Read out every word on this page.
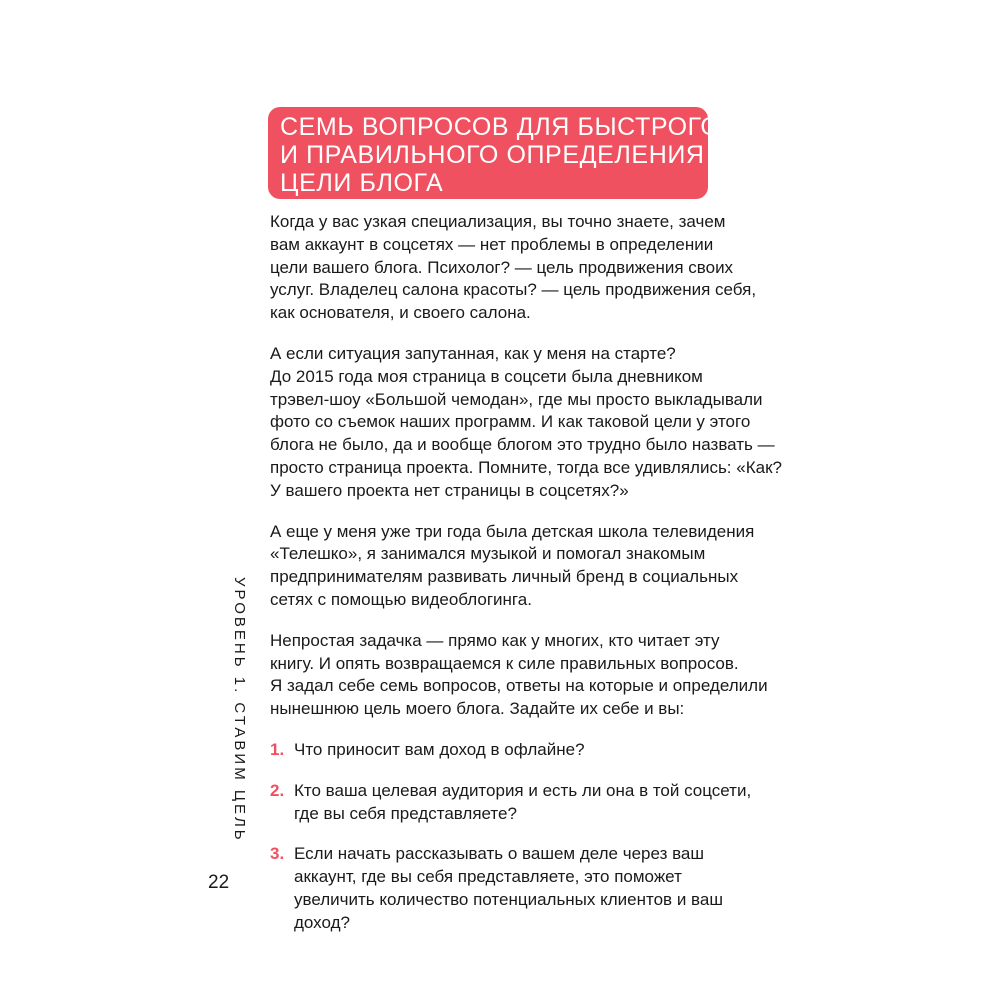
СЕМЬ ВОПРОСОВ ДЛЯ БЫСТРОГО
И ПРАВИЛЬНОГО ОПРЕДЕЛЕНИЯ
ЦЕЛИ БЛОГА
Когда у вас узкая специализация, вы точно знаете, зачем
вам аккаунт в соцсетях — нет проблемы в определении
цели вашего блога. Психолог? — цель продвижения своих
услуг. Владелец салона красоты? — цель продвижения себя,
как основателя, и своего салона.
А если ситуация запутанная, как у меня на старте?
До 2015 года моя страница в соцсети была дневником
трэвел-шоу «Большой чемодан», где мы просто выкладывали
фото со съемок наших программ. И как таковой цели у этого
блога не было, да и вообще блогом это трудно было назвать —
просто страница проекта. Помните, тогда все удивлялись: «Как?
У вашего проекта нет страницы в соцсетях?»
А еще у меня уже три года была детская школа телевидения
«Телешко», я занимался музыкой и помогал знакомым
предпринимателям развивать личный бренд в социальных
сетях с помощью видеоблогинга.
Непростая задачка — прямо как у многих, кто читает эту
книгу. И опять возвращаемся к силе правильных вопросов.
Я задал себе семь вопросов, ответы на которые и определили
нынешнюю цель моего блога. Задайте их себе и вы:
1. Что приносит вам доход в офлайне?
2. Кто ваша целевая аудитория и есть ли она в той соцсети,
где вы себя представляете?
3. Если начать рассказывать о вашем деле через ваш
аккаунт, где вы себя представляете, это поможет
увеличить количество потенциальных клиентов и ваш
доход?
УРОВЕНЬ 1. СТАВИМ ЦЕЛЬ
22
